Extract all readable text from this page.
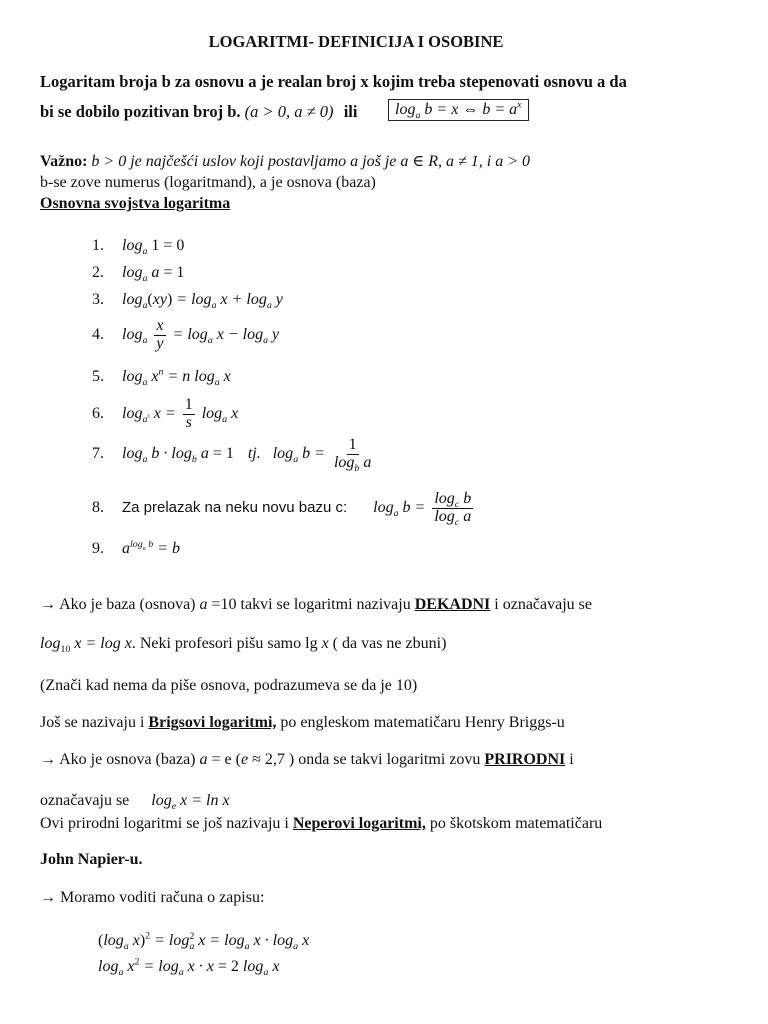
LOGARITMI- DEFINICIJA I OSOBINE
Logaritam broja b za osnovu a je realan broj x kojim treba stepenovati osnovu a da
bi se dobilo pozitivan broj b. (a > 0, a ≠ 0) ili	$\log_a b = x$ ⇔ $b = a^x$
Važno: b > 0 je najčešći uslov koji postavljamo a još je a ∈ R, a ≠ 1, i a > 0
b-se zove numerus (logaritmand), a je osnova (baza)
Osnovna svojstva logaritma
1. $\log_a 1 = 0$
2. $\log_a a = 1$
3. $\log_a(xy) = \log_a x + \log_a y$
4. $\log_a \frac{x}{y} = \log_a x - \log_a y$
5. $\log_a x^n = n$ $\log_a x$
6. $\log_{a^s} x = \frac{1}{s} \log_a x$
7. $\log_a b \cdot \log_b a = 1$ tj. $\log_a b = \frac{1}{\log_b a}$
8. Za prelazak na neku novu bazu c: $\log_a b = \frac{\log_c b}{\log_c a}$
9. $a^{log_a b} = b$
→ Ako je baza (osnova) a =10 takvi se logaritmi nazivaju DEKADNI i označavaju se
$\log_{10} x = \log x$. Neki profesori pišu samo lg x ( da vas ne zbuni)
(Znači kad nema da piše osnova, podrazumeva se da je 10)
Još se nazivaju i Brigsovi logaritmi, po engleskom matematičaru Henry Briggs-u
→ Ako je osnova (baza) a = e (e ≈ 2,7 ) onda se takvi logaritmi zovu PRIRODNI i
označavaju se $\log_e x = \ln x$
Ovi prirodni logaritmi se još nazivaju i Neperovi logaritmi, po škotskom matematičaru
John Napier-u.
→ Moramo voditi računa o zapisu:
($\log_a$ $x)^2 = \log_a^2 x = \log_a x \cdot \log_a x$
$\log_a x^2 = \log_a x \cdot x = 2$ $\log_a x$
